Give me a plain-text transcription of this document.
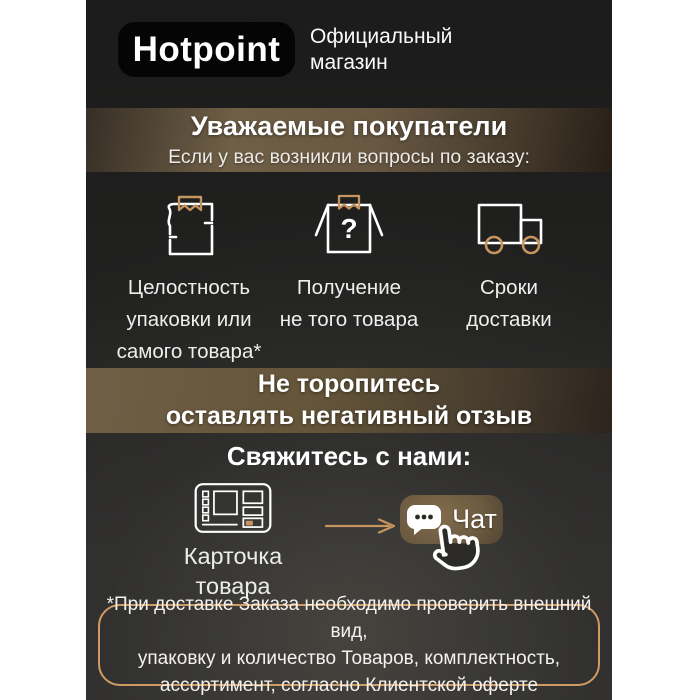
Hotpoint Официальный
магазин
Уважаемые покупатели
Если у вас возникли вопросы по заказу:
Целостность
упаковки или
самого товара*
?
Получение
не того товара
Сроки
доставки
Не торопитесь
оставлять негативный отзыв
Свяжитесь с нами:
Карточка
товара
Чат
*При доставке Заказа необходимо проверить внешний вид,
упаковку и количество Товаров, комплектность,
ассортимент, согласно Клиентской оферте
